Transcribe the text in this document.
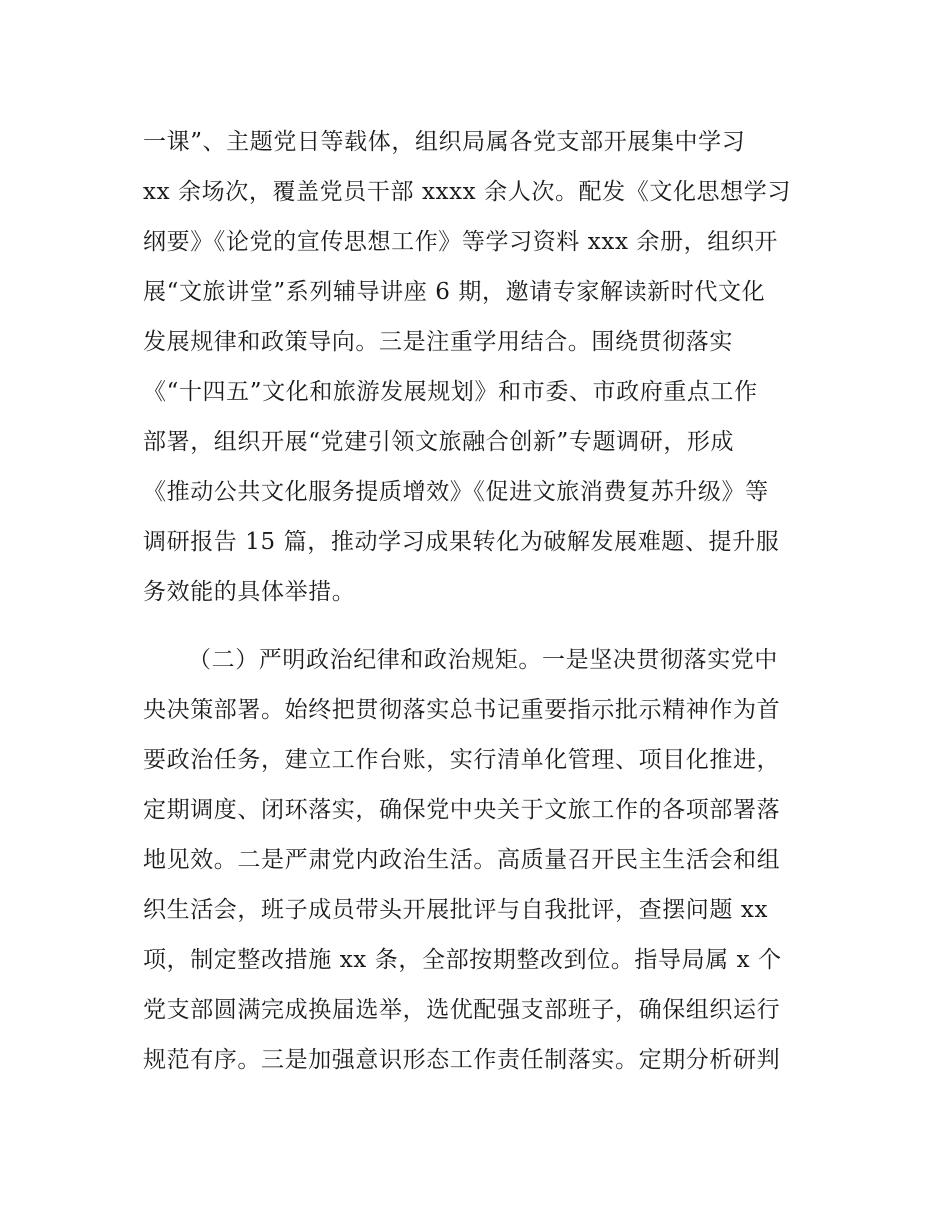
一课”、主题党日等载体，组织局属各党支部开展集中学习
xx 余场次，覆盖党员干部 xxxx 余人次。配发《文化思想学习
纲要》《论党的宣传思想工作》等学习资料 xxx 余册，组织开
展“文旅讲堂”系列辅导讲座 6 期，邀请专家解读新时代文化
发展规律和政策导向。三是注重学用结合。围绕贯彻落实
《“十四五”文化和旅游发展规划》和市委、市政府重点工作
部署，组织开展“党建引领文旅融合创新”专题调研，形成
《推动公共文化服务提质增效》《促进文旅消费复苏升级》等
调研报告 15 篇，推动学习成果转化为破解发展难题、提升服
务效能的具体举措。
（二）严明政治纪律和政治规矩。一是坚决贯彻落实党中
央决策部署。始终把贯彻落实总书记重要指示批示精神作为首
要政治任务，建立工作台账，实行清单化管理、项目化推进，
定期调度、闭环落实，确保党中央关于文旅工作的各项部署落
地见效。二是严肃党内政治生活。高质量召开民主生活会和组
织生活会，班子成员带头开展批评与自我批评，查摆问题 xx
项，制定整改措施 xx 条，全部按期整改到位。指导局属 x 个
党支部圆满完成换届选举，选优配强支部班子，确保组织运行
规范有序。三是加强意识形态工作责任制落实。定期分析研判
